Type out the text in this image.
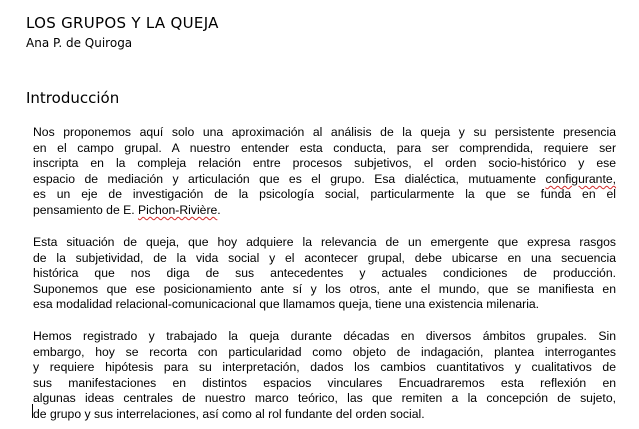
LOS GRUPOS Y LA QUEJA
Ana P. de Quiroga
Introducción
Nos proponemos aquí solo una aproximación al análisis de la queja y su persistente presencia
en el campo grupal. A nuestro entender esta conducta, para ser comprendida, requiere ser
inscripta en la compleja relación entre procesos subjetivos, el orden socio-histórico y ese
espacio de mediación y articulación que es el grupo. Esa dialéctica, mutuamente configurante,
es un eje de investigación de la psicología social, particularmente la que se funda en el
pensamiento de E. Pichon-Rivière.
Esta situación de queja, que hoy adquiere la relevancia de un emergente que expresa rasgos
de la subjetividad, de la vida social y el acontecer grupal, debe ubicarse en una secuencia
histórica que nos diga de sus antecedentes y actuales condiciones de producción.
Suponemos que ese posicionamiento ante sí y los otros, ante el mundo, que se manifiesta en
esa modalidad relacional-comunicacional que llamamos queja, tiene una existencia milenaria.
Hemos registrado y trabajado la queja durante décadas en diversos ámbitos grupales. Sin
embargo, hoy se recorta con particularidad como objeto de indagación, plantea interrogantes
y requiere hipótesis para su interpretación, dados los cambios cuantitativos y cualitativos de
sus manifestaciones en distintos espacios vinculares Encuadraremos esta reflexión en
algunas ideas centrales de nuestro marco teórico, las que remiten a la concepción de sujeto,
de grupo y sus interrelaciones, así como al rol fundante del orden social.
